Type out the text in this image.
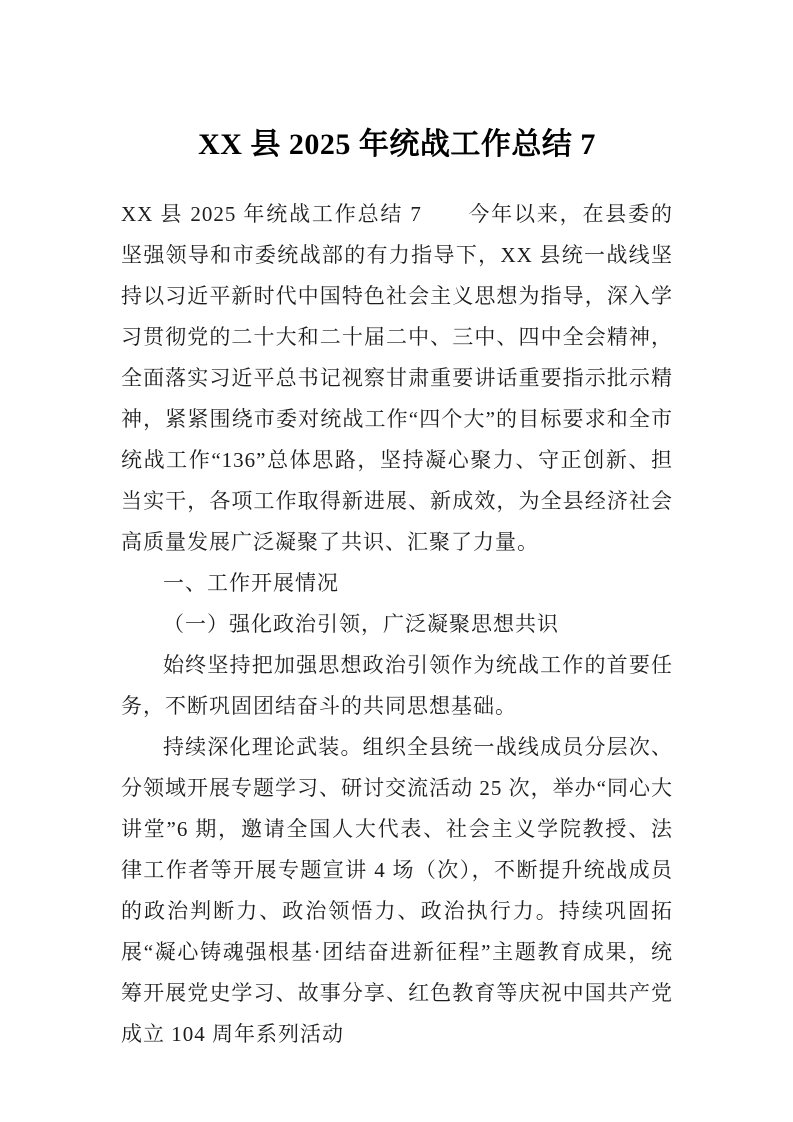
XX 县 2025 年统战工作总结 7

XX 县 2025 年统战工作总结 7　　今年以来，在县委的坚强领导和市委统战部的有力指导下，XX 县统一战线坚持以习近平新时代中国特色社会主义思想为指导，深入学习贯彻党的二十大和二十届二中、三中、四中全会精神，全面落实习近平总书记视察甘肃重要讲话重要指示批示精神，紧紧围绕市委对统战工作“四个大”的目标要求和全市统战工作“136”总体思路，坚持凝心聚力、守正创新、担当实干，各项工作取得新进展、新成效，为全县经济社会高质量发展广泛凝聚了共识、汇聚了力量。

一、工作开展情况

（一）强化政治引领，广泛凝聚思想共识

始终坚持把加强思想政治引领作为统战工作的首要任务，不断巩固团结奋斗的共同思想基础。

持续深化理论武装。组织全县统一战线成员分层次、分领域开展专题学习、研讨交流活动 25 次，举办“同心大讲堂”6 期，邀请全国人大代表、社会主义学院教授、法律工作者等开展专题宣讲 4 场（次），不断提升统战成员的政治判断力、政治领悟力、政治执行力。持续巩固拓展“凝心铸魂强根基·团结奋进新征程”主题教育成果，统筹开展党史学习、故事分享、红色教育等庆祝中国共产党成立 104 周年系列活动
